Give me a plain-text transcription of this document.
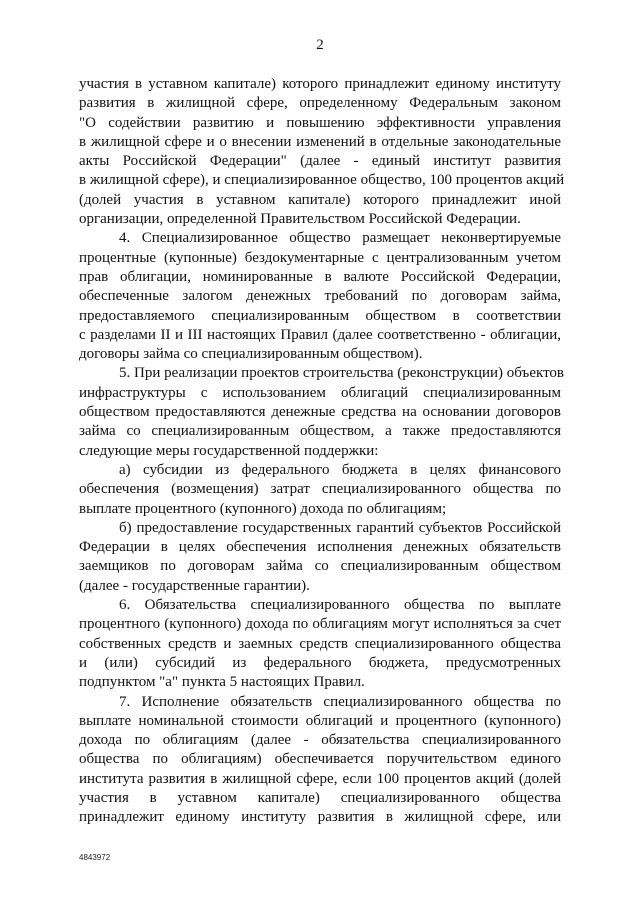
2
участия в уставном капитале) которого принадлежит единому институту
развития в жилищной сфере, определенному Федеральным законом
"О содействии развитию и повышению эффективности управления
в жилищной сфере и о внесении изменений в отдельные законодательные
акты Российской Федерации" (далее - единый институт развития
в жилищной сфере), и специализированное общество, 100 процентов акций
(долей участия в уставном капитале) которого принадлежит иной
организации, определенной Правительством Российской Федерации.
4. Специализированное общество размещает неконвертируемые
процентные (купонные) бездокументарные с централизованным учетом
прав облигации, номинированные в валюте Российской Федерации,
обеспеченные залогом денежных требований по договорам займа,
предоставляемого специализированным обществом в соответствии
с разделами II и III настоящих Правил (далее соответственно - облигации,
договоры займа со специализированным обществом).
5. При реализации проектов строительства (реконструкции) объектов
инфраструктуры с использованием облигаций специализированным
обществом предоставляются денежные средства на основании договоров
займа со специализированным обществом, а также предоставляются
следующие меры государственной поддержки:
а) субсидии из федерального бюджета в целях финансового
обеспечения (возмещения) затрат специализированного общества по
выплате процентного (купонного) дохода по облигациям;
б) предоставление государственных гарантий субъектов Российской
Федерации в целях обеспечения исполнения денежных обязательств
заемщиков по договорам займа со специализированным обществом
(далее - государственные гарантии).
6. Обязательства специализированного общества по выплате
процентного (купонного) дохода по облигациям могут исполняться за счет
собственных средств и заемных средств специализированного общества
и (или) субсидий из федерального бюджета, предусмотренных
подпунктом "а" пункта 5 настоящих Правил.
7. Исполнение обязательств специализированного общества по
выплате номинальной стоимости облигаций и процентного (купонного)
дохода по облигациям (далее - обязательства специализированного
общества по облигациям) обеспечивается поручительством единого
института развития в жилищной сфере, если 100 процентов акций (долей
участия в уставном капитале) специализированного общества
принадлежит единому институту развития в жилищной сфере, или
4843972
